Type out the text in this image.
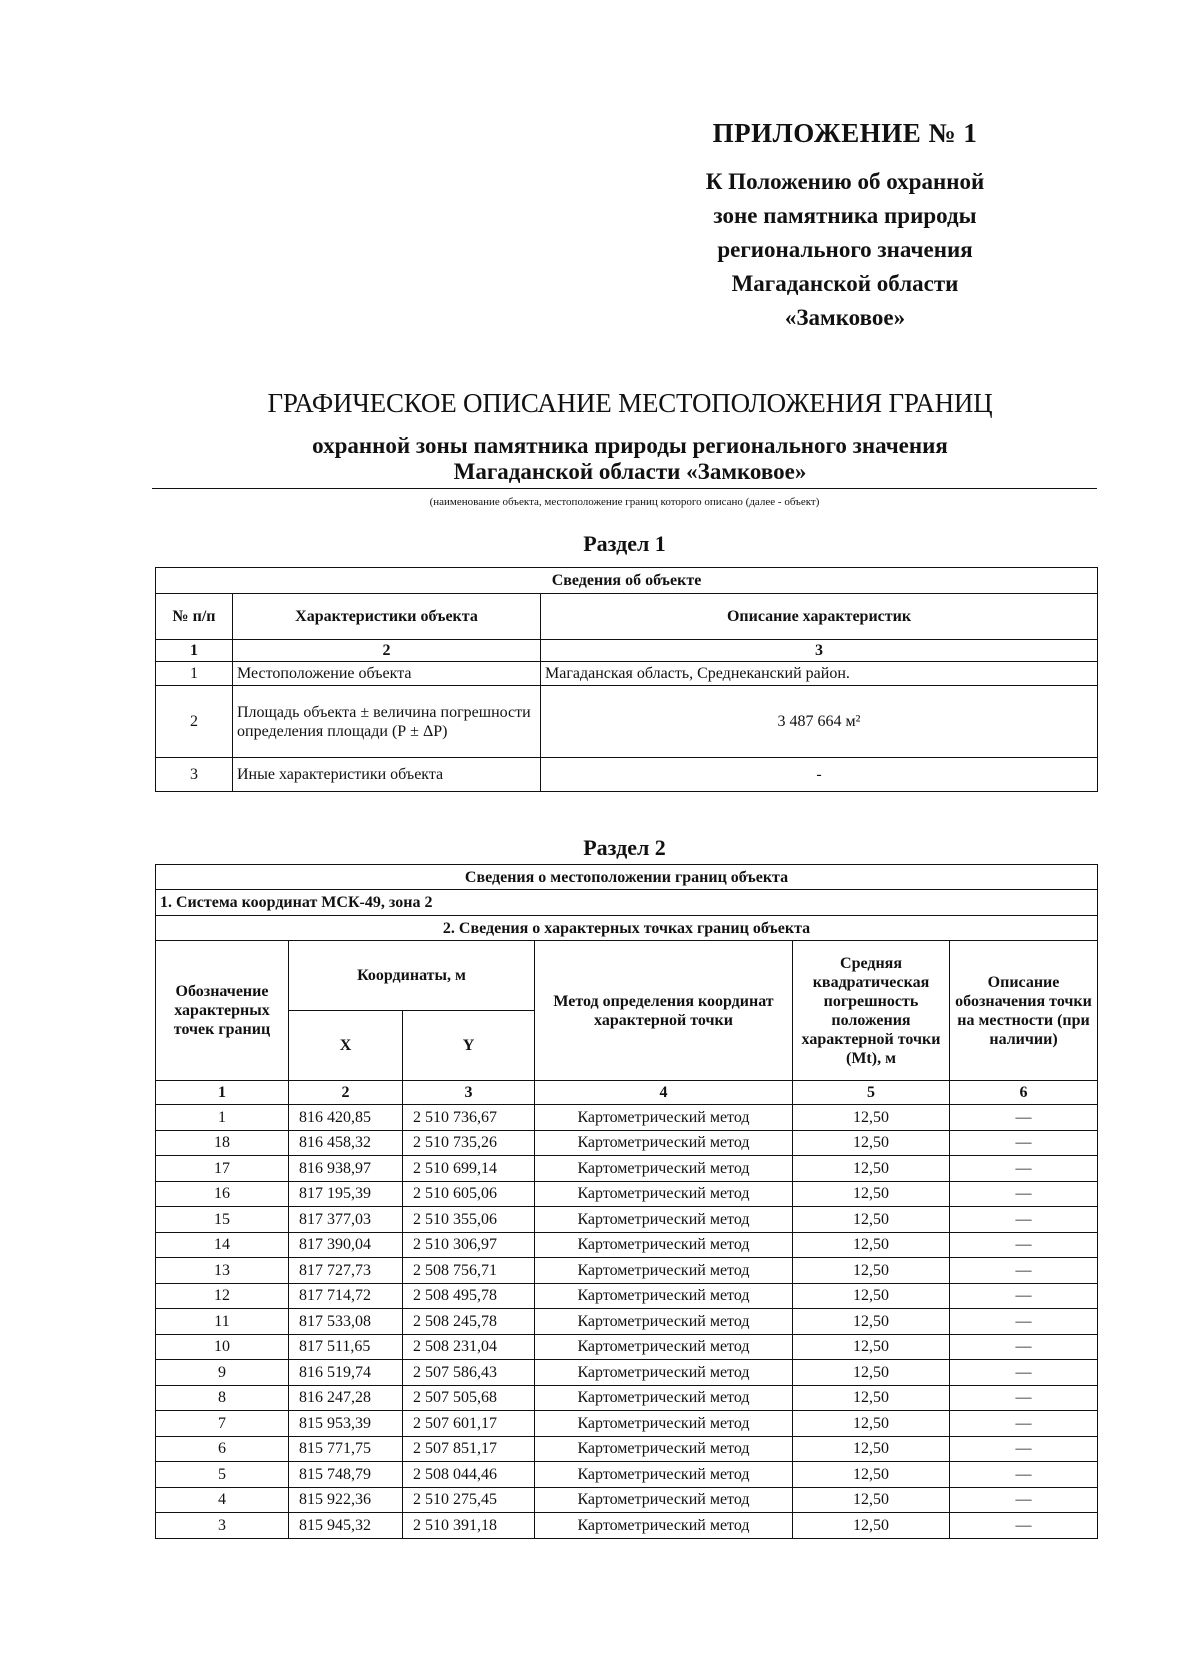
ПРИЛОЖЕНИЕ № 1
К Положению об охранной
зоне памятника природы
регионального значения
Магаданской области
«Замковое»
ГРАФИЧЕСКОЕ ОПИСАНИЕ МЕСТОПОЛОЖЕНИЯ ГРАНИЦ
охранной зоны памятника природы регионального значения
Магаданской области «Замковое»
(наименование объекта, местоположение границ которого описано (далее - объект)
Раздел 1
Сведения об объекте		
№ п/п	Характеристики объекта	Описание характеристик
1	2	3
1	Местоположение объекта	Магаданская область, Среднеканский район.
2	Площадь объекта ± величина погрешности определения площади (Р ± ΔР)	3 487 664 м²
3	Иные характеристики объекта	-
Раздел 2
Сведения о местоположении границ объекта					
1. Система координат МСК-49, зона 2					
2. Сведения о характерных точках границ объекта					
Обозначение характерных точек границ	Координаты, м		Метод определения координат характерной точки	Средняя квадратическая погрешность положения характерной точки (Mt), м	Описание обозначения точки на местности (при наличии)
	X	Y			
1	2	3	4	5	6
1	816 420,85	2 510 736,67	Картометрический метод	12,50	—
18	816 458,32	2 510 735,26	Картометрический метод	12,50	—
17	816 938,97	2 510 699,14	Картометрический метод	12,50	—
16	817 195,39	2 510 605,06	Картометрический метод	12,50	—
15	817 377,03	2 510 355,06	Картометрический метод	12,50	—
14	817 390,04	2 510 306,97	Картометрический метод	12,50	—
13	817 727,73	2 508 756,71	Картометрический метод	12,50	—
12	817 714,72	2 508 495,78	Картометрический метод	12,50	—
11	817 533,08	2 508 245,78	Картометрический метод	12,50	—
10	817 511,65	2 508 231,04	Картометрический метод	12,50	—
9	816 519,74	2 507 586,43	Картометрический метод	12,50	—
8	816 247,28	2 507 505,68	Картометрический метод	12,50	—
7	815 953,39	2 507 601,17	Картометрический метод	12,50	—
6	815 771,75	2 507 851,17	Картометрический метод	12,50	—
5	815 748,79	2 508 044,46	Картометрический метод	12,50	—
4	815 922,36	2 510 275,45	Картометрический метод	12,50	—
3	815 945,32	2 510 391,18	Картометрический метод	12,50	—
